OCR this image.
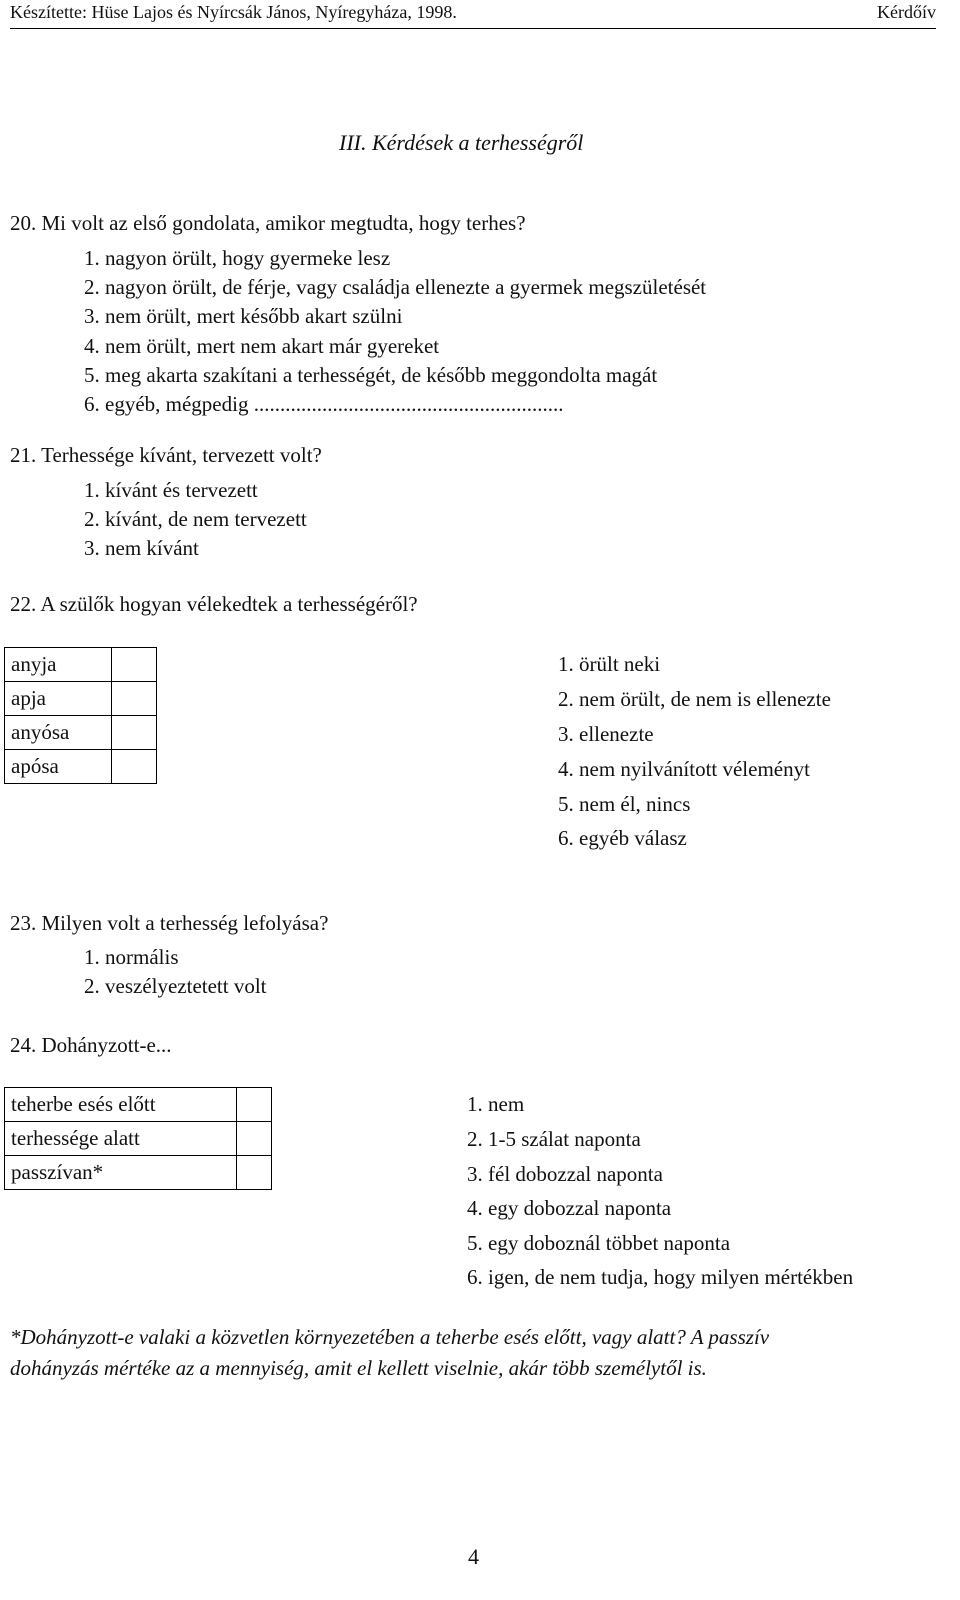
Készítette: Hüse Lajos és Nyírcsák János, Nyíregyháza, 1998.	Kérdőív
III. Kérdések a terhességről
20. Mi volt az első gondolata, amikor megtudta, hogy terhes?
1. nagyon örült, hogy gyermeke lesz
2. nagyon örült, de férje, vagy családja ellenezte a gyermek megszületését
3. nem örült, mert később akart szülni
4. nem örült, mert nem akart már gyereket
5. meg akarta szakítani a terhességét, de később meggondolta magát
6. egyéb, mégpedig ...........................................................
21. Terhessége kívánt, tervezett volt?
1. kívánt és tervezett
2. kívánt, de nem tervezett
3. nem kívánt
22. A szülők hogyan vélekedtek a terhességéről?
anyja	
apja	
anyósa	
apósa	
1. örült neki
2. nem örült, de nem is ellenezte
3. ellenezte
4. nem nyilvánított véleményt
5. nem él, nincs
6. egyéb válasz
23. Milyen volt a terhesség lefolyása?
1. normális
2. veszélyeztetett volt
24. Dohányzott-e...
teherbe esés előtt	
terhessége alatt	
passzívan*	
1. nem
2. 1-5 szálat naponta
3. fél dobozzal naponta
4. egy dobozzal naponta
5. egy doboznál többet naponta
6. igen, de nem tudja, hogy milyen mértékben
*Dohányzott-e valaki a közvetlen környezetében a teherbe esés előtt, vagy alatt? A passzív
dohányzás mértéke az a mennyiség, amit el kellett viselnie, akár több személytől is.
4
